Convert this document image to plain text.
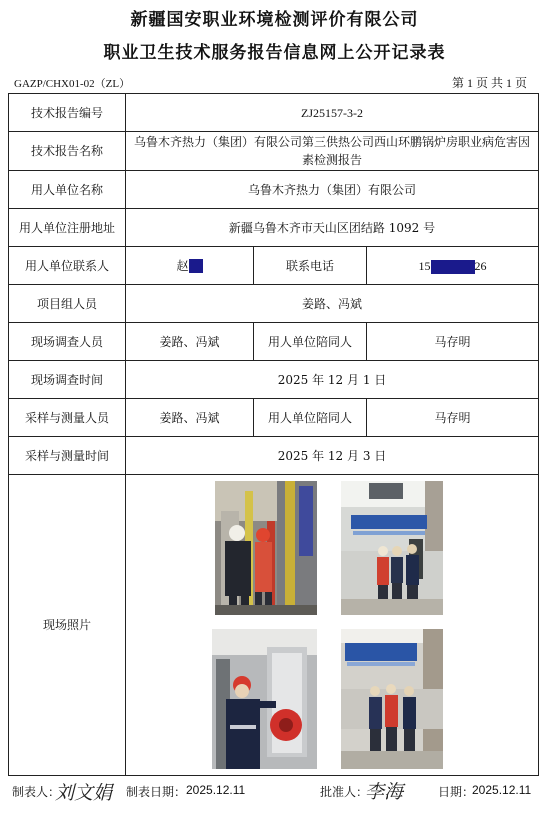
新疆国安职业环境检测评价有限公司
职业卫生技术服务报告信息网上公开记录表
GAZP/CHX01-02（ZL）	第 1 页 共 1 页
技术报告编号	ZJ25157-3-2		
技术报告名称	乌鲁木齐热力（集团）有限公司第三供热公司西山环鹏锅炉房职业病危害因素检测报告		
用人单位名称	乌鲁木齐热力（集团）有限公司		
用人单位注册地址	新疆乌鲁木齐市天山区团结路 1092 号		
用人单位联系人	赵	联系电话	15 26
项目组人员	姜路、冯斌		
现场调查人员	姜路、冯斌	用人单位陪同人	马存明
现场调查时间	2025 年 12 月 1 日		
采样与测量人员	姜路、冯斌	用人单位陪同人	马存明
采样与测量时间	2025 年 12 月 3 日		
现场照片	
制表人：
刘文娟 制表日期： 2025.12.11	批准人：
李海	日期：
2025.12.11
